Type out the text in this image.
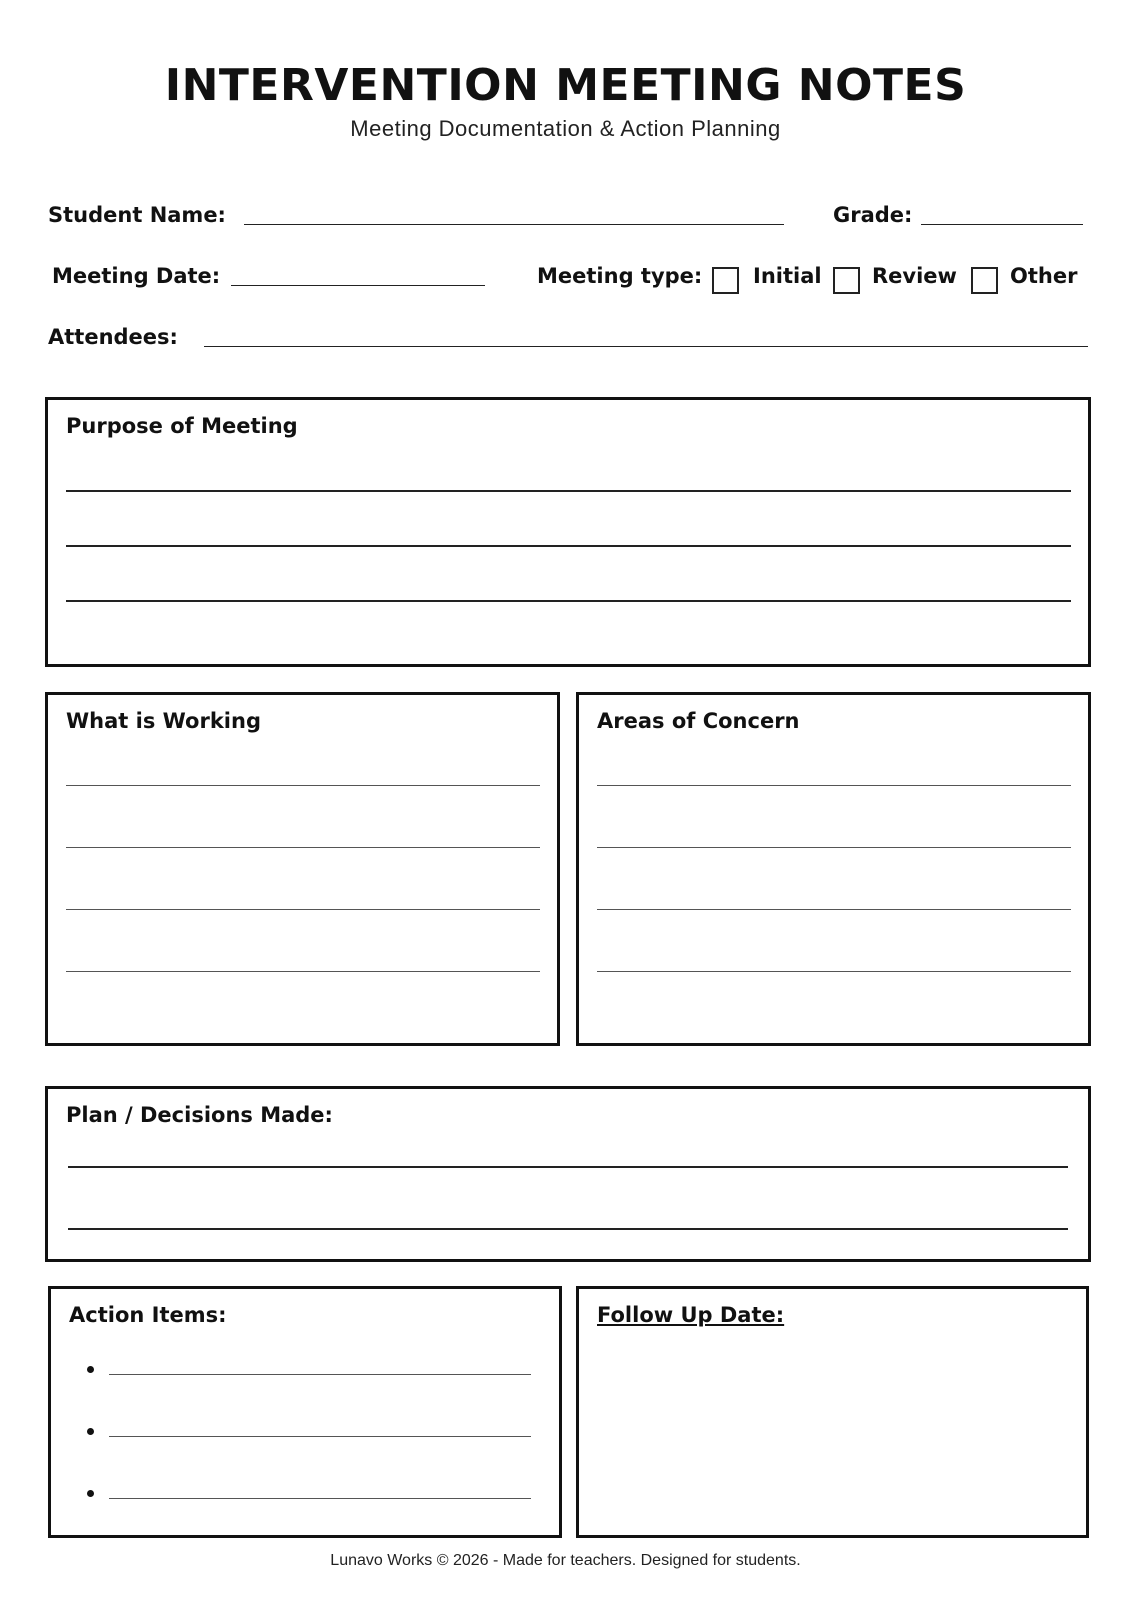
INTERVENTION MEETING NOTES
Meeting Documentation & Action Planning
Student Name:	Grade:
Meeting Date:	Meeting type: Initial Review	Other
Attendees:
Purpose of Meeting
What is Working	Areas of Concern
Plan / Decisions Made:
Action Items:	Follow Up Date:
Lunavo Works © 2026 - Made for teachers. Designed for students.
